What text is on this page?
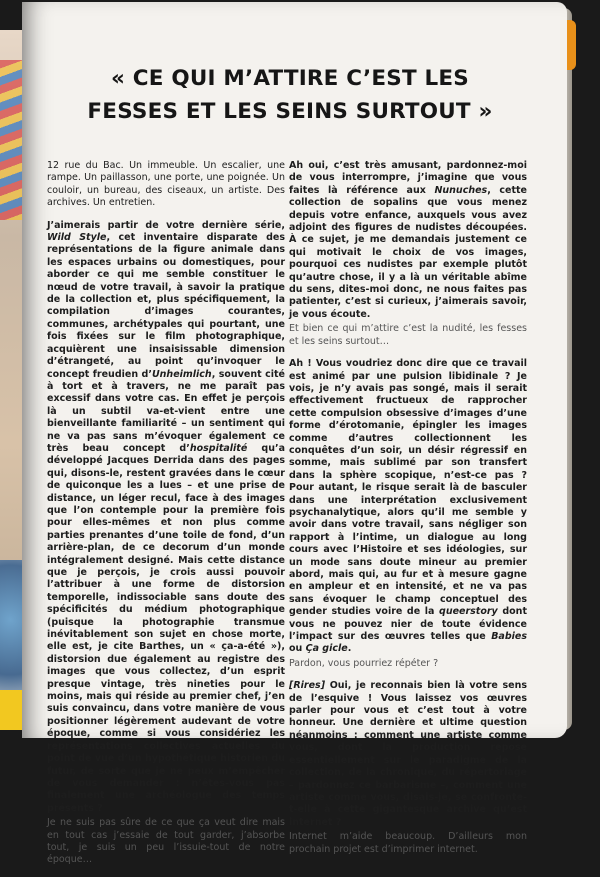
« CE QUI M’ATTIRE C’EST LES
FESSES ET LES SEINS SURTOUT »

12 rue du Bac. Un immeuble. Un escalier, une rampe. Un paillasson, une porte, une poignée. Un couloir, un bureau, des ciseaux, un artiste. Des archives. Un entretien.

J’aimerais partir de votre dernière série, Wild Style, cet inventaire disparate des représentations de la figure animale dans les espaces urbains ou domestiques, pour aborder ce qui me semble constituer le nœud de votre travail, à savoir la pratique de la collection et, plus spécifiquement, la compilation d’images courantes, communes, archétypales qui pourtant, une fois fixées sur le film photographique, acquièrent une insaisissable dimension d’étrangeté, au point qu’invoquer le concept freudien d’Unheimlich, souvent cité à tort et à travers, ne me paraît pas excessif dans votre cas. En effet je perçois là un subtil va-et-vient entre une bienveillante familiarité – un sentiment qui ne va pas sans m’évoquer également ce très beau concept d’hospitalité qu’a développé Jacques Derrida dans des pages qui, disons-le, restent gravées dans le cœur de quiconque les a lues – et une prise de distance, un léger recul, face à des images que l’on contemple pour la première fois pour elles-mêmes et non plus comme parties prenantes d’une toile de fond, d’un arrière-plan, de ce decorum d’un monde intégralement designé. Mais cette distance que je perçois, je crois aussi pouvoir l’attribuer à une forme de distorsion temporelle, indissociable sans doute des spécificités du médium photographique (puisque la photographie transmue inévitablement son sujet en chose morte, elle est, je cite Barthes, un « ça-a-été »), distorsion due également au registre des images que vous collectez, d’un esprit presque vintage, très nineties pour le moins, mais qui réside au premier chef, j’en suis convaincu, dans votre manière de vous positionner légèrement audevant de votre époque, comme si vous considériez les représentations collectives actuelles du point de vue d’un hypothétique historien du futur, de sorte que je ne peux m’empêcher de vous demander : n’êtes-vous pas finalement une archéologue des temps présents ?

Je ne suis pas sûre de ce que ça veut dire mais en tout cas j’essaie de tout garder, j’absorbe tout, je suis un peu l’issuie-tout de notre époque…

Ah oui, c’est très amusant, pardonnez-moi de vous interrompre, j’imagine que vous faites là référence aux Nunuches, cette collection de sopalins que vous menez depuis votre enfance, auxquels vous avez adjoint des figures de nudistes découpées. À ce sujet, je me demandais justement ce qui motivait le choix de vos images, pourquoi ces nudistes par exemple plutôt qu’autre chose, il y a là un véritable abîme du sens, dites-moi donc, ne nous faites pas patienter, c’est si curieux, j’aimerais savoir, je vous écoute.

Et bien ce qui m’attire c’est la nudité, les fesses et les seins surtout…

Ah ! Vous voudriez donc dire que ce travail est animé par une pulsion libidinale ? Je vois, je n’y avais pas songé, mais il serait effectivement fructueux de rapprocher cette compulsion obsessive d’images d’une forme d’érotomanie, épingler les images comme d’autres collectionnent les conquêtes d’un soir, un désir régressif en somme, mais sublimé par son transfert dans la sphère scopique, n’est-ce pas ? Pour autant, le risque serait là de basculer dans une interprétation exclusivement psychanalytique, alors qu’il me semble y avoir dans votre travail, sans négliger son rapport à l’intime, un dialogue au long cours avec l’Histoire et ses idéologies, sur un mode sans doute mineur au premier abord, mais qui, au fur et à mesure gagne en ampleur et en intensité, et ne va pas sans évoquer le champ conceptuel des gender studies voire de la queerstory dont vous ne pouvez nier de toute évidence l’impact sur des œuvres telles que Babies ou Ça gicle.

Pardon, vous pourriez répéter ?

[Rires] Oui, je reconnais bien là votre sens de l’esquive ! Vous laissez vos œuvres parler pour vous et c’est tout à votre honneur. Une dernière et ultime question néanmoins : comment une artiste comme vous, dont la production repose essentiellement sur le paradigme de la collection, de la chronique, du répertoriage – pardonnez ce barbarisme –, comment une artiste comme vous, disais-je, se confronte-t-elle à cette gigantesque archive qu’est internet ?

Internet m’aide beaucoup. D’ailleurs mon prochain projet est d’imprimer internet.
